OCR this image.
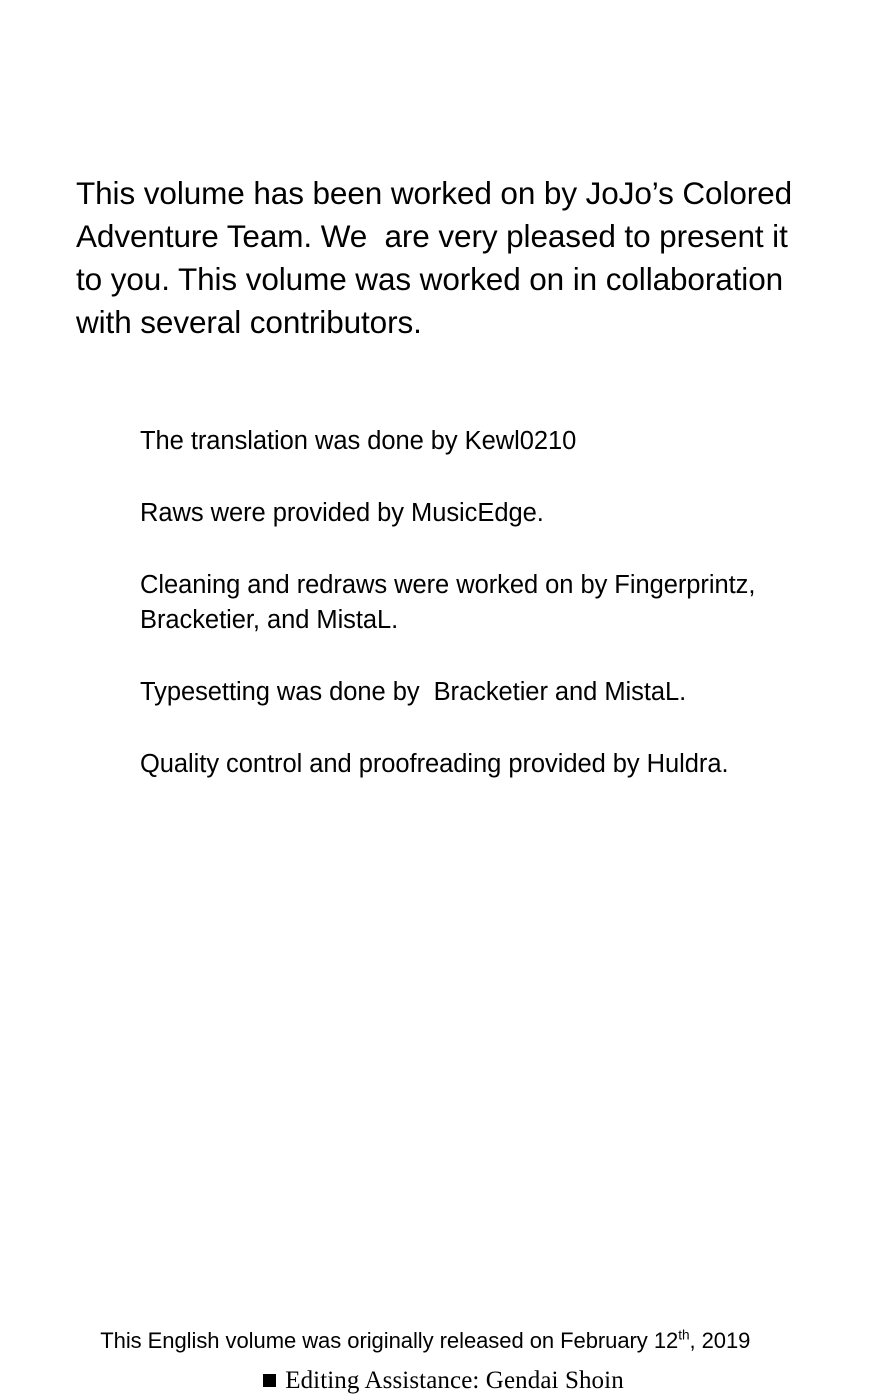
This volume has been worked on by JoJo’s Colored Adventure Team. We  are very pleased to present it to you. This volume was worked on in collaboration with several contributors.

The translation was done by Kewl0210

Raws were provided by MusicEdge.

Cleaning and redraws were worked on by Fingerprintz, Bracketier, and MistaL.

Typesetting was done by  Bracketier and MistaL.

Quality control and proofreading provided by Huldra.

This English volume was originally released on February 12th, 2019

Editing Assistance: Gendai Shoin
